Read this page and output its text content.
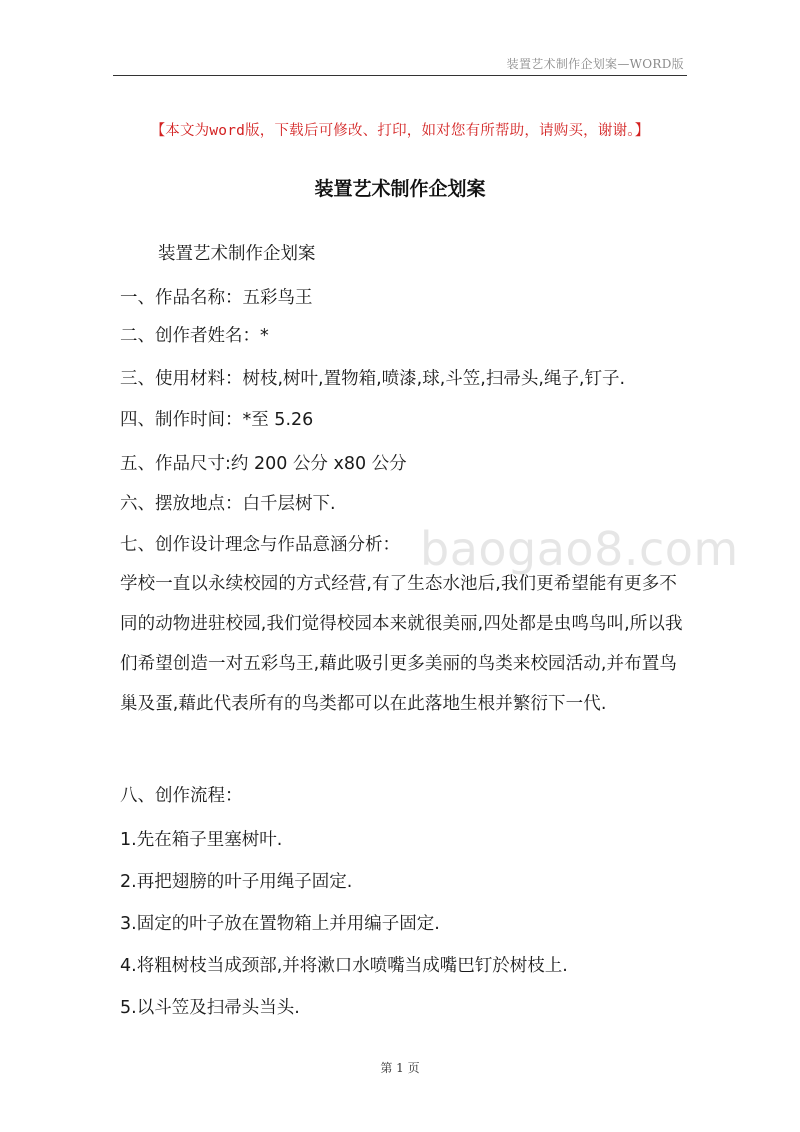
装置艺术制作企划案—WORD版
【本文为word版，下载后可修改、打印，如对您有所帮助，请购买，谢谢。】
装置艺术制作企划案
装置艺术制作企划案
一、作品名称：五彩鸟王
二、创作者姓名：*
三、使用材料：树枝,树叶,置物箱,喷漆,球,斗笠,扫帚头,绳子,钉子.
四、制作时间：*至 5.26
五、作品尺寸:约 200 公分 x80 公分
六、摆放地点：白千层树下.
七、创作设计理念与作品意涵分析： baogao8.com
学校一直以永续校园的方式经营,有了生态水池后,我们更希望能有更多不同的动物进驻校园,我们觉得校园本来就很美丽,四处都是虫鸣鸟叫,所以我们希望创造一对五彩鸟王,藉此吸引更多美丽的鸟类来校园活动,并布置鸟巢及蛋,藉此代表所有的鸟类都可以在此落地生根并繁衍下一代.
八、创作流程：
1.先在箱子里塞树叶.
2.再把翅膀的叶子用绳子固定.
3.固定的叶子放在置物箱上并用编子固定.
4.将粗树枝当成颈部,并将漱口水喷嘴当成嘴巴钉於树枝上.
5.以斗笠及扫帚头当头.
第 1 页
